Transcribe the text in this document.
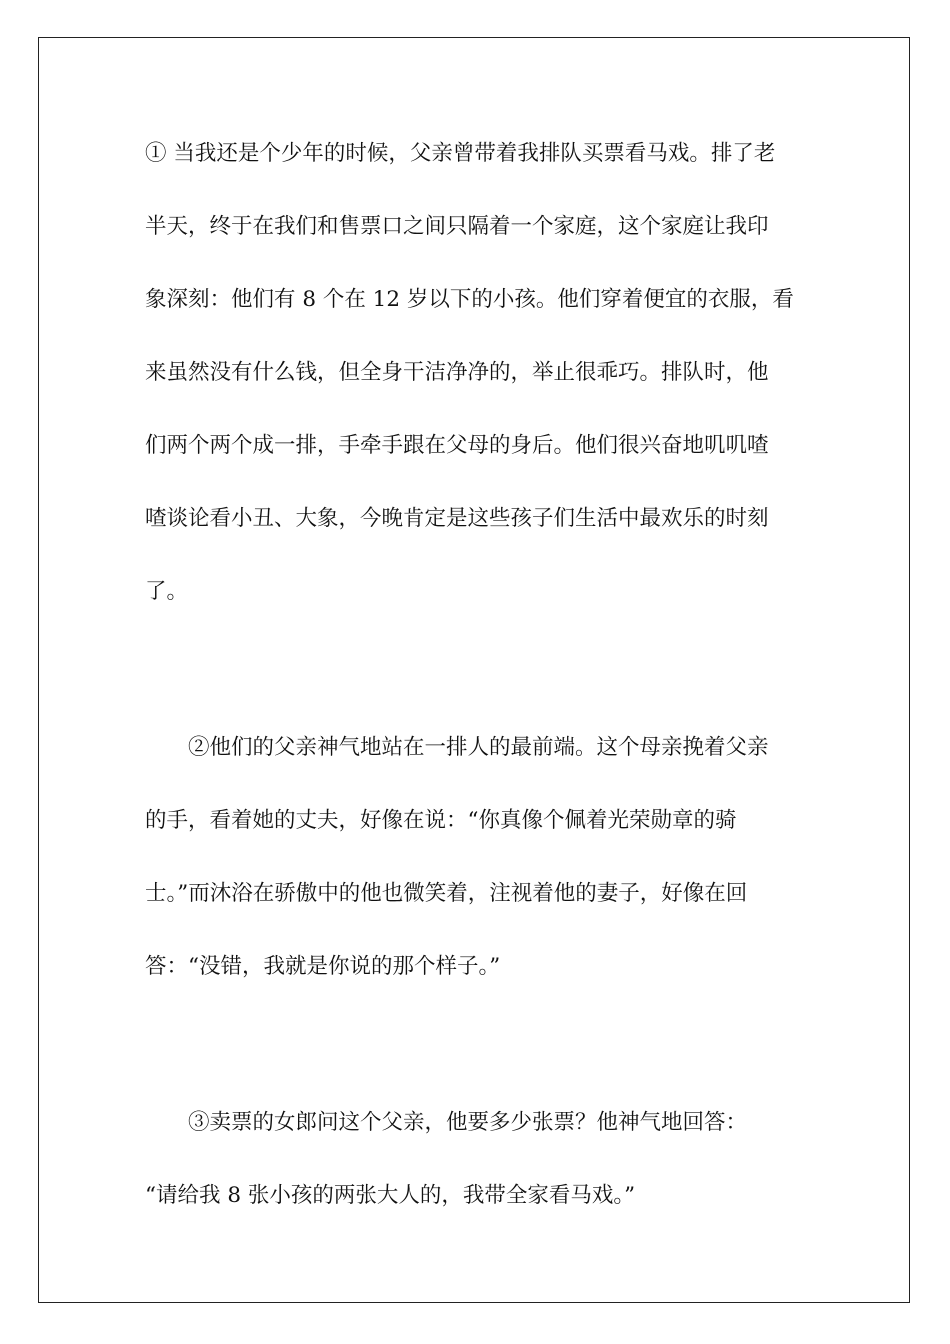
① 当我还是个少年的时候，父亲曾带着我排队买票看马戏。排了老

半天，终于在我们和售票口之间只隔着一个家庭，这个家庭让我印

象深刻：他们有 8 个在 12 岁以下的小孩。他们穿着便宜的衣服，看

来虽然没有什么钱，但全身干洁净净的，举止很乖巧。排队时，他

们两个两个成一排，手牵手跟在父母的身后。他们很兴奋地叽叽喳

喳谈论看小丑、大象，今晚肯定是这些孩子们生活中最欢乐的时刻

了。

②他们的父亲神气地站在一排人的最前端。这个母亲挽着父亲

的手，看着她的丈夫，好像在说：“你真像个佩着光荣勋章的骑

士。”而沐浴在骄傲中的他也微笑着，注视着他的妻子，好像在回

答：“没错，我就是你说的那个样子。”

③卖票的女郎问这个父亲，他要多少张票？他神气地回答：

“请给我 8 张小孩的两张大人的，我带全家看马戏。”
